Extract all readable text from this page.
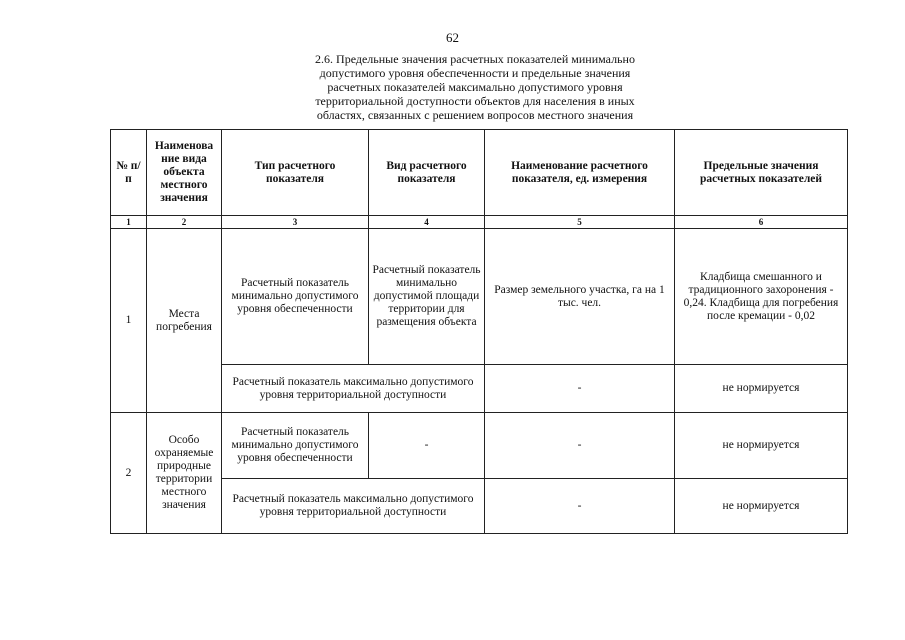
62
2.6. Предельные значения расчетных показателей минимально
допустимого уровня обеспеченности и предельные значения
расчетных показателей максимально допустимого уровня
территориальной доступности объектов для населения в иных
областях, связанных с решением вопросов местного значения
№ п/п	Наименова ние вида объекта местного значения	Тип расчетного показателя	Вид расчетного показателя	Наименование расчетного показателя, ед. измерения	Предельные значения расчетных показателей
1	2	3	4	5	6
1	Места погребения	Расчетный показатель минимально допустимого уровня обеспеченности	Расчетный показатель минимально допустимой площади территории для размещения объекта	Размер земельного участка, га на 1 тыс. чел.	Кладбища смешанного и традиционного захоронения - 0,24. Кладбища для погребения после кремации - 0,02
		Расчетный показатель максимально допустимого уровня территориальной доступности		-	не нормируется
2	Особо охраняемые природные территории местного значения	Расчетный показатель минимально допустимого уровня обеспеченности	-	-	не нормируется
		Расчетный показатель максимально допустимого уровня территориальной доступности		-	не нормируется
